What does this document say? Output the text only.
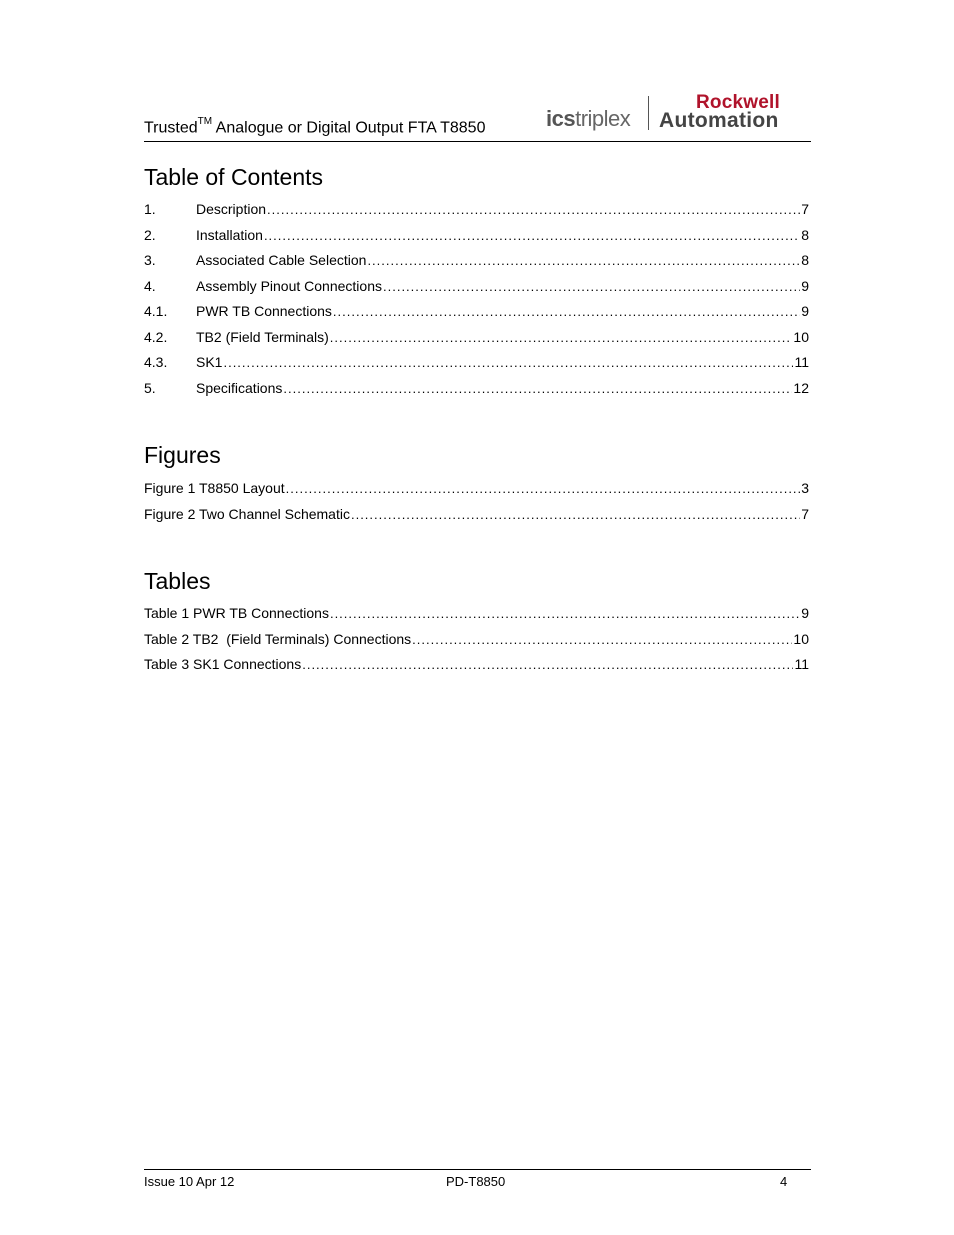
Trusted™ Analogue or Digital Output FTA T8850	icstriplex
Rockwell
Automation
Table of Contents
1.	Description .....	7
2.	Installation .....	8
3.	Associated Cable Selection .....	8
4.	Assembly Pinout Connections .....	9
4.1. PWR TB Connections .....	9
4.2. TB2 (Field Terminals) .....	10
4.3. SK1 .....	11
5.	Specifications .....	12
Figures
Figure 1 T8850 Layout .....	3
Figure 2 Two Channel Schematic .....	7
Tables
Table 1 PWR TB Connections .....	9
Table 2 TB2  (Field Terminals) Connections .....	10
Table 3 SK1 Connections .....	11
Issue 10 Apr 12	PD-T8850	4
